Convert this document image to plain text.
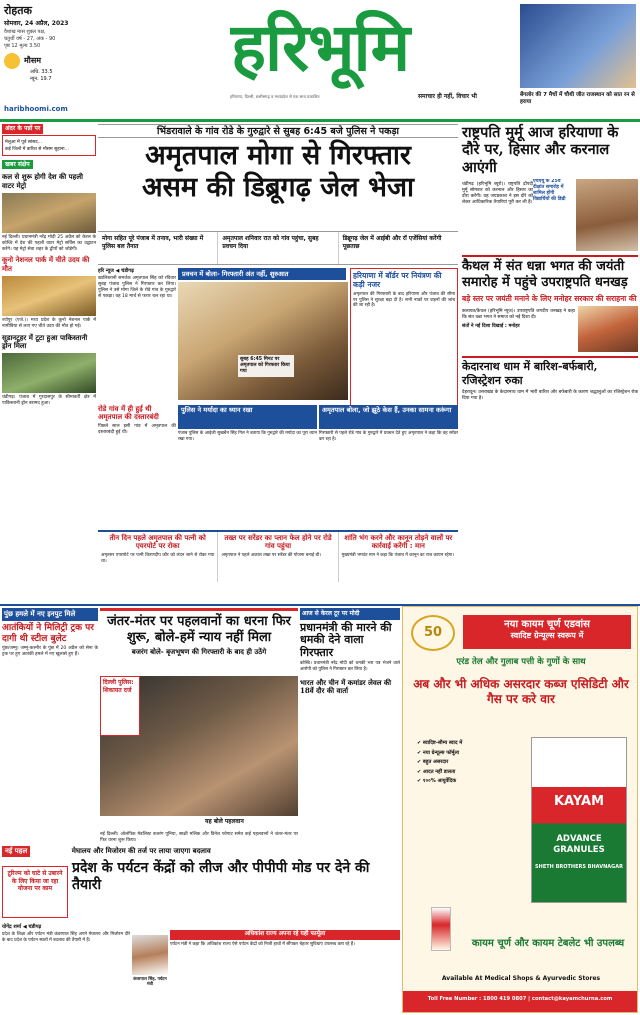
रोहतक
सोमवार, 24 अप्रैल, 2023
वैशाख मास शुक्ल पक्ष,
चतुर्थी वर्ष - 27, अंक - 90
पृष्ठ 12 मूल्य 3.50
मौसम
अधि. 33.5
न्यून. 19.7
haribhoomi.com
हरिभूमि
हरियाणा, दिल्ली, छत्तीसगढ़ व मध्यप्रदेश से एक साथ प्रकाशित	समाचार ही नहीं, विचार भी	बेंगलोर की 7 मैचों में चौथी जीत राजस्थान को सात रन से हराया
अंदर के पन्नों पर
मेलूआ में पूर्व सांसद...
कई जिलों में बारिश से मौसम सुहाना...
खबर संक्षेप
कल से शुरू होगी देश की पहली वाटर मेट्रो
नई दिल्ली। प्रधानमंत्री नरेंद्र मोदी 25 अप्रैल को केरल के कोच्चि में देश की पहली वाटर मेट्रो सर्विस का उद्घाटन करेंगे। यह मेट्रो सेवा शहर के द्वीपों को जोड़ेगी।
कूनो नेशनल पार्क में चीते उदय की मौत
श्योपुर (एजे.)। मध्य प्रदेश के कूनो नेशनल पार्क में नामीबिया से लाए गए चीते उदय की मौत हो गई।
सूडानटूहर में टूटा हुआ पाकिस्तानी ड्रोन मिला
चंडीगढ़। पंजाब में गुरदासपुर के सीमावर्ती क्षेत्र में पाकिस्तानी ड्रोन बरामद हुआ।
भिंडरावाले के गांव रोडे के गुरुद्वारे से सुबह 6:45 बजे पुलिस ने पकड़ा
अमृतपाल मोगा से गिरफ्तार
असम की डिब्रूगढ़ जेल भेजा
मोगा सहित पूरे पंजाब में तनाव, भारी संख्या में पुलिस बल तैनात
अमृतपाल शनिवार रात को गांव पहुंचा, सुबह प्रवचन दिया
डिब्रूगढ़ जेल में आईबी और रॉ एजेंसियां करेंगी पूछताछ
हरि न्यूज ◀ चंडीगढ़
खालिस्तानी समर्थक अमृतपाल सिंह को रविवार सुबह पंजाब पुलिस ने गिरफ्तार कर लिया। पुलिस ने उसे मोगा जिले के रोडे गांव के गुरुद्वारे से पकड़ा। वह 18 मार्च से फरार चल रहा था।
प्रवचन में बोला- गिरफ्तारी अंत नहीं, शुरुआत
सुबह 6:45 मिनट पर अमृतपाल को गिरफ्तार किया गया
हरियाणा में बॉर्डर पर नियंत्रण की कड़ी नजर
अमृतपाल की गिरफ्तारी के बाद हरियाणा और पंजाब की सीमा पर पुलिस ने सुरक्षा बढ़ा दी है। सभी नाकों पर वाहनों की जांच की जा रही है।
रोडे गांव में ही हुई थी अमृतपाल की दस्तारबंदी
पिछले साल इसी गांव में अमृतपाल की दस्तारबंदी हुई थी।
पुलिस ने मर्यादा का ध्यान रखा
पंजाब पुलिस के आईजी सुखचैन सिंह गिल ने बताया कि गुरुद्वारे की मर्यादा का पूरा ध्यान रखा गया।
अमृतपाल बोला, जो झूठे केस हैं, उनका सामना करूंगा
गिरफ्तारी से पहले रोडे गांव के गुरुद्वारे में प्रवचन देते हुए अमृतपाल ने कहा कि वह सरेंडर कर रहा है।
तीन दिन पहले अमृतपाल की पत्नी को एयरपोर्ट पर रोका
अमृतसर एयरपोर्ट पर पत्नी किरणदीप कौर को लंदन जाने से रोका गया था।
तख्त पर सरेंडर का प्लान फेल होने पर रोडे गांव पहुंचा
अमृतपाल ने पहले अकाल तख्त पर सरेंडर की योजना बनाई थी।
शांति भंग करने और कानून तोड़ने वालों पर कार्रवाई करेंगी : मान
मुख्यमंत्री भगवंत मान ने कहा कि पंजाब में कानून का राज कायम रहेगा।
राष्ट्रपति मुर्मू आज हरियाणा के दौरे पर, हिसार और करनाल आएंगी
एचएयू के 25वें दीक्षांत समारोह में शामिल होंगी विद्यार्थियों की डिग्री
चंडीगढ़ (हरिभूमि ब्यूरो)। राष्ट्रपति द्रौपदी मुर्मू सोमवार को करनाल और हिसार का दौरा करेंगी। वह जयप्रकाश ने इस दौरे को लेकर आधिकारिक तैयारियां पूरी कर ली हैं।
कैथल में संत धन्ना भगत की जयंती समारोह में पहुंचे उपराष्ट्रपति धनखड़
बड़े स्तर पर जयंती मनाने के लिए मनोहर सरकार की सराहना की
कलायत/कैथल (हरिभूमि न्यूज)। उपराष्ट्रपति जगदीप धनखड़ ने कहा कि संत धन्ना भगत ने समाज को नई दिशा दी।
संतों ने नई दिशा दिखाई : मनोहर
केदारनाथ धाम में बारिश-बर्फबारी, रजिस्ट्रेशन रुका
देहरादून। उत्तराखंड के केदारनाथ धाम में भारी बारिश और बर्फबारी के कारण श्रद्धालुओं का रजिस्ट्रेशन रोक दिया गया है।
पुंछ हमले में नए इनपुट मिले
आतंकियों ने मिलिट्री ट्रक पर दागी थी स्टील बुलेट
पुंछ/जम्मू। जम्मू-कश्मीर के पुंछ में 20 अप्रैल को सेना के ट्रक पर हुए आतंकी हमले में नए खुलासे हुए हैं।
जंतर-मंतर पर पहलवानों का धरना फिर शुरू, बोले-हमें न्याय नहीं मिला
बजरंग बोले- बृजभूषण की गिरफ्तारी के बाद ही उठेंगे
दिल्ली पुलिस: शिकायत दर्ज
यह बोले पहलवान
नई दिल्ली। ओलंपिक मेडलिस्ट बजरंग पूनिया, साक्षी मलिक और विनेश फोगाट समेत कई पहलवानों ने जंतर-मंतर पर फिर धरना शुरू किया।
आज से केरल टूर पर मोदी
प्रधानमंत्री की मारने की धमकी देने वाला गिरफ्तार
कोच्चि। प्रधानमंत्री नरेंद्र मोदी को धमकी भरा पत्र भेजने वाले आरोपी को पुलिस ने गिरफ्तार कर लिया है।
भारत और चीन में कमांडर लेवल की 18वें दौर की वार्ता
नई पहल	मेघालय और मिजोरम की तर्ज पर लाया जाएगा बदलाव
प्रदेश के पर्यटन केंद्रों को लीज और पीपीपी मोड पर देने की तैयारी
टूरिज्म को घाटे से उबारने के लिए किया जा रहा योजना पर काम
योगेंद्र शर्मा ◀ चंडीगढ़
प्रदेश के शिक्षा और पर्यटन मंत्री कंवरपाल सिंह अपने मेघालय और मिजोरम दौरे के बाद प्रदेश के पर्यटन स्थलों में बदलाव की तैयारी में हैं।
कंवरपाल सिंह, पर्यटन मंत्री
अधिकांश राज्य अपना रहे यही फार्मूला
पर्यटन मंत्री ने कहा कि अधिकांश राज्य ऐसे पर्यटन केंद्रों को निजी हाथों में सौंपकर बेहतर सुविधाएं उपलब्ध करा रहे हैं।
50
नया कायम चूर्ण एडवांस
स्वादिष्ट ग्रेन्यूल्स स्वरूप में
एरंड तेल और गुलाब पत्ती के गुणों के साथ
अब और भी अधिक असरदार कब्ज एसिडिटी और गैस पर करे वार
✔ स्वादिष्ट-सौम्य स्वाद में
✔ नया ग्रेन्यूल्स फॉर्मूला
✔ बहुत असरदार
✔ आदत नहीं डालता
✔ १००% आयुर्वेदिक
KAYAM
ADVANCE GRANULES
SHETH BROTHERS BHAVNAGAR
कायम चूर्ण और कायम टेबलेट भी उपलब्ध
Available At Medical Shops & Ayurvedic Stores
Toll Free Number : 1800 419 0807 | contact@kayamchurna.com
